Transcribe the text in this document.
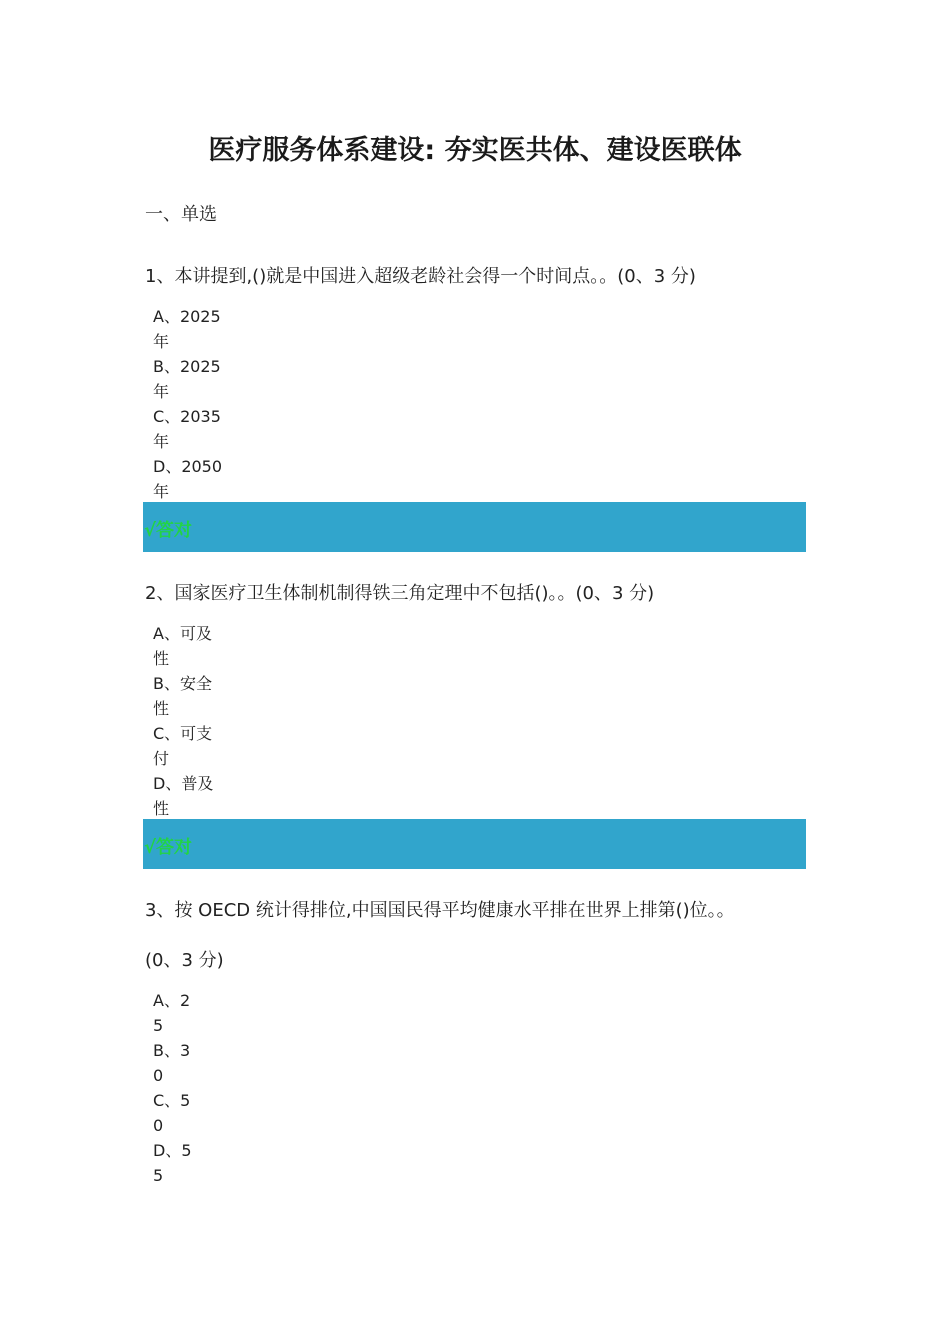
医疗服务体系建设: 夯实医共体、建设医联体
一、单选
1、本讲提到,()就是中国进入超级老龄社会得一个时间点。。(0、3 分)
A、2025 年
B、2025 年
C、2035 年
D、2050 年
√答对
2、国家医疗卫生体制机制得铁三角定理中不包括()。。(0、3 分)
A、可及性
B、安全性
C、可支付
D、普及性
√答对
3、按 OECD 统计得排位,中国国民得平均健康水平排在世界上排第()位。。
(0、3 分)
A、25
B、30
C、50
D、55
